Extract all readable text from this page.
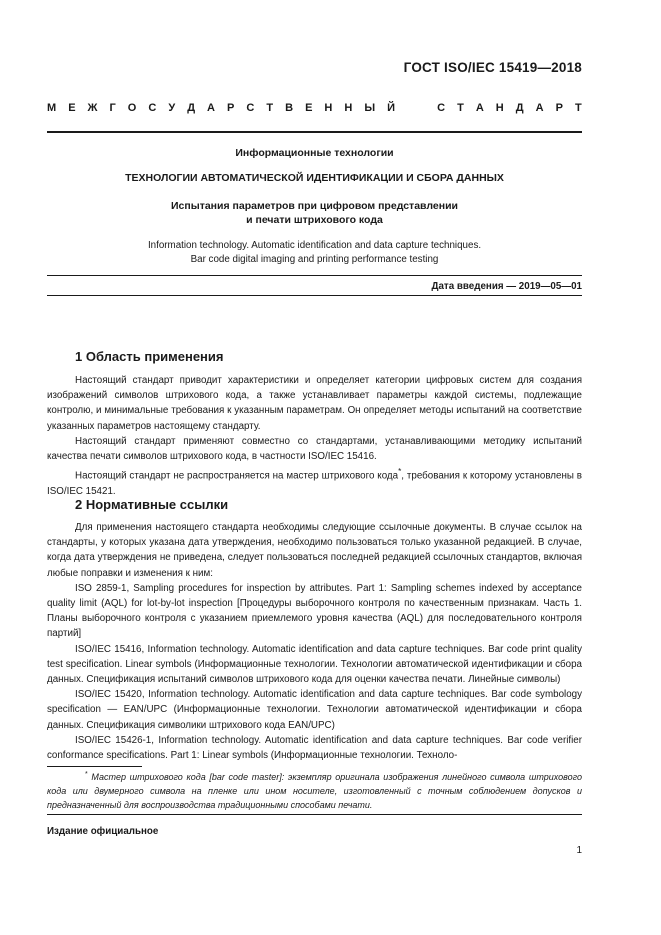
ГОСТ ISO/IEC 15419—2018
М Е Ж Г О С У Д А Р С Т В Е Н Н Ы Й	С Т А Н Д А Р Т
Информационные технологии
ТЕХНОЛОГИИ АВТОМАТИЧЕСКОЙ ИДЕНТИФИКАЦИИ И СБОРА ДАННЫХ
Испытания параметров при цифровом представлении
и печати штрихового кода
Information technology. Automatic identification and data capture techniques.
Bar code digital imaging and printing performance testing
Дата введения — 2019—05—01
1 Область применения

Настоящий стандарт приводит характеристики и определяет категории цифровых систем для создания изображений символов штрихового кода, а также устанавливает параметры каждой системы, подлежащие контролю, и минимальные требования к указанным параметрам. Он определяет методы испытаний на соответствие указанных параметров настоящему стандарту.

Настоящий стандарт применяют совместно со стандартами, устанавливающими методику испытаний качества печати символов штрихового кода, в частности ISO/IEC 15416.

Настоящий стандарт не распространяется на мастер штрихового кода*, требования к которому установлены в ISO/IEC 15421.

2 Нормативные ссылки

Для применения настоящего стандарта необходимы следующие ссылочные документы. В случае ссылок на стандарты, у которых указана дата утверждения, необходимо пользоваться только указанной редакцией. В случае, когда дата утверждения не приведена, следует пользоваться последней редакцией ссылочных стандартов, включая любые поправки и изменения к ним:

ISO 2859-1, Sampling procedures for inspection by attributes. Part 1: Sampling schemes indexed by acceptance quality limit (AQL) for lot-by-lot inspection [Процедуры выборочного контроля по качественным признакам. Часть 1. Планы выборочного контроля с указанием приемлемого уровня качества (AQL) для последовательного контроля партий]

ISO/IEC 15416, Information technology. Automatic identification and data capture techniques. Bar code print quality test specification. Linear symbols (Информационные технологии. Технологии автоматической идентификации и сбора данных. Спецификация испытаний символов штрихового кода для оценки качества печати. Линейные символы)

ISO/IEC 15420, Information technology. Automatic identification and data capture techniques. Bar code symbology specification — EAN/UPC (Информационные технологии. Технологии автоматической идентификации и сбора данных. Спецификация символики штрихового кода EAN/UPC)

ISO/IEC 15426-1, Information technology. Automatic identification and data capture techniques. Bar code verifier conformance specifications. Part 1: Linear symbols (Информационные технологии. Техноло-

* Мастер штрихового кода [bar code master]: экземпляр оригинала изображения линейного символа штрихового кода или двумерного символа на пленке или ином носителе, изготовленный с точным соблюдением допусков и предназначенный для воспроизводства традиционными способами печати.
Издание официальное
1
